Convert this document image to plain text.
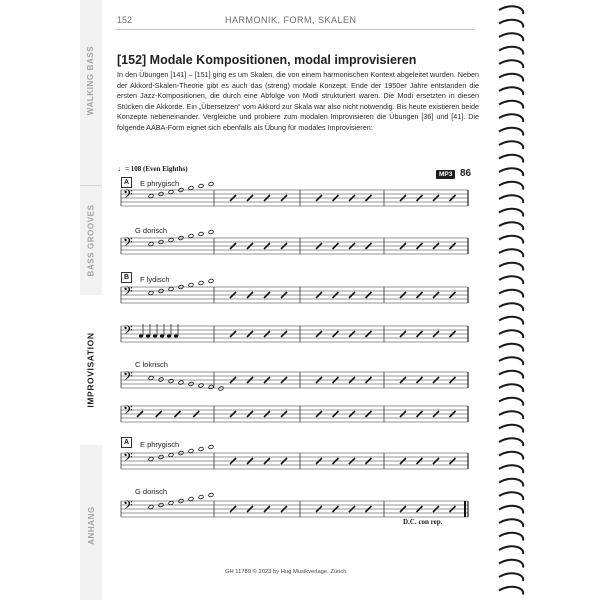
WALKING BASS
BASS GROOVES
IMPROVISATION
ANHANG
152	HARMONIK, FORM, SKALEN
[152] Modale Kompositionen, modal improvisieren
In den Übungen [141] – [151] ging es um Skalen, die von einem harmonischen Kontext abgeleitet wurden. Neben der Akkord-Skalen-Theorie gibt es auch das (streng) modale Konzept. Ende der 1950er Jahre entstanden die ersten Jazz-Kompositionen, die durch eine Abfolge von Modi strukturiert waren. Die Modi ersetzten in diesen Stücken die Akkorde. Ein „Übersetzen“ vom Akkord zur Skala war also nicht notwendig. Bis heute existieren beide Konzepte nebeneinander. Vergleiche und probiere zum modalen Improvisieren die Übungen [36] und [41]. Die folgende AABA-Form eignet sich ebenfalls als Übung für modales Improvisieren:
♩= 108 (Even Eighths)
MP3 86
A	E phrygisch
G dorisch
B	F lydisch
C lokrisch
A	E phrygisch
G dorisch
𝄢
𝄢
𝄢
𝄢
𝄢
𝄢
𝄢
𝄢
D.C. con rep.
GH 11789 © 2023 by Hug Musikverlage, Zürich
